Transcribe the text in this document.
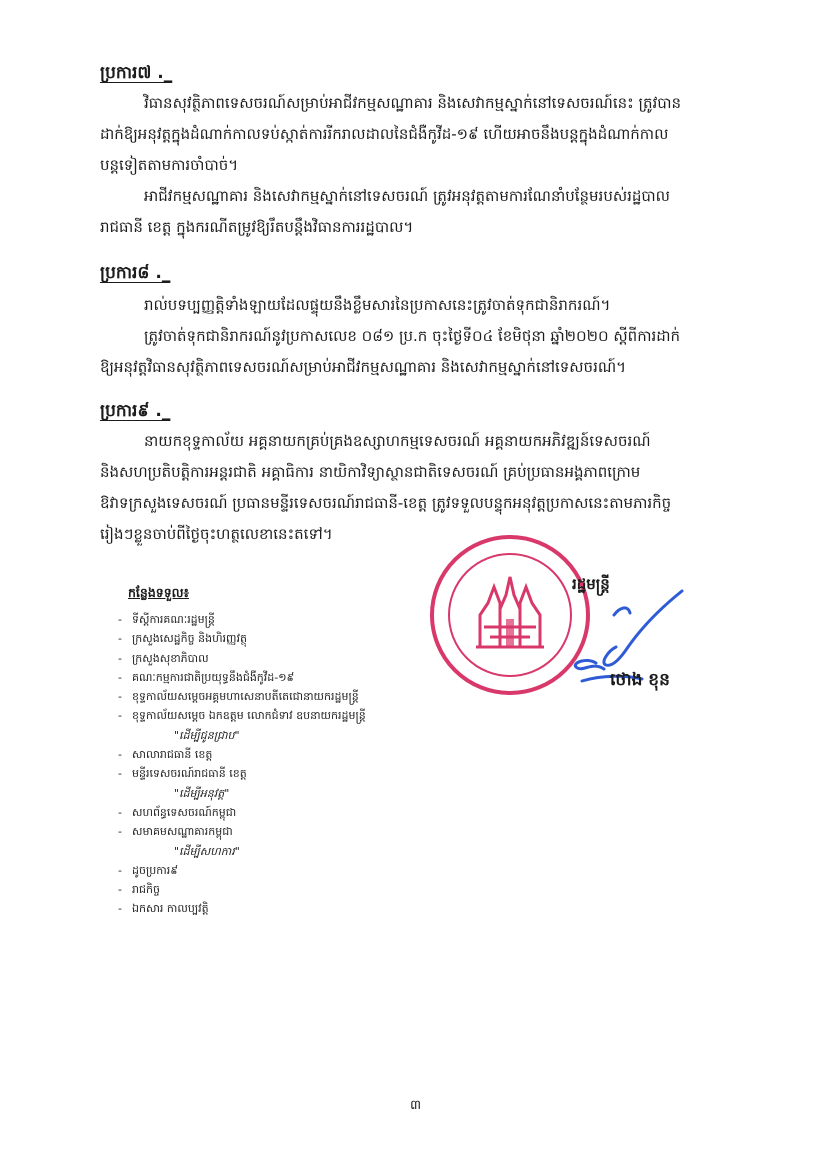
ប្រការ៧ ._

វិធានសុវត្ថិភាពទេសចរណ៍សម្រាប់អាជីវកម្មសណ្ឋាគារ និងសេវាកម្មស្នាក់នៅទេសចរណ៍នេះ ត្រូវបាន
ដាក់ឱ្យអនុវត្តក្នុងដំណាក់កាលទប់ស្កាត់ការរីករាលដាលនៃជំងឺកូវីដ-១៩ ហើយអាចនឹងបន្តក្នុងដំណាក់កាល
បន្តទៀតតាមការចាំបាច់។
អាជីវកម្មសណ្ឋាគារ និងសេវាកម្មស្នាក់នៅទេសចរណ៍ ត្រូវអនុវត្តតាមការណែនាំបន្ថែមរបស់រដ្ឋបាល
រាជធានី ខេត្ត ក្នុងករណីតម្រូវឱ្យរឹតបន្តឹងវិធានការរដ្ឋបាល។

ប្រការ៨ ._

រាល់បទប្បញ្ញត្តិទាំងឡាយដែលផ្ទុយនឹងខ្លឹមសារនៃប្រកាសនេះត្រូវចាត់ទុកជានិរាករណ៍។
ត្រូវចាត់ទុកជានិរាករណ៍នូវប្រកាសលេខ ០៨១ ប្រ.ក ចុះថ្ងៃទី០៤ ខែមិថុនា ឆ្នាំ២០២០ ស្តីពីការដាក់
ឱ្យអនុវត្តវិធានសុវត្ថិភាពទេសចរណ៍សម្រាប់អាជីវកម្មសណ្ឋាគារ និងសេវាកម្មស្នាក់នៅទេសចរណ៍។

ប្រការ៩ ._

នាយកខុទ្ទកាល័យ អគ្គនាយកគ្រប់គ្រងឧស្សាហកម្មទេសចរណ៍ អគ្គនាយកអភិវឌ្ឍន៍ទេសចរណ៍
និងសហប្រតិបត្តិការអន្តរជាតិ អគ្គាធិការ នាយិកាវិទ្យាស្ថានជាតិទេសចរណ៍ គ្រប់ប្រធានអង្គភាពក្រោម
ឱវាទក្រសួងទេសចរណ៍ ប្រធានមន្ទីរទេសចរណ៍រាជធានី-ខេត្ត ត្រូវទទួលបន្ទុកអនុវត្តប្រកាសនេះតាមភារកិច្ច
រៀងៗខ្លួនចាប់ពីថ្ងៃចុះហត្ថលេខានេះតទៅ។

រដ្ឋមន្ត្រី

ថោង ខុន

កន្លែងទទួល៖

- ទីស្តីការគណៈរដ្ឋមន្ត្រី
- ក្រសួងសេដ្ឋកិច្ច និងហិរញ្ញវត្ថុ
- ក្រសួងសុខាភិបាល
- គណៈកម្មការជាតិប្រយុទ្ធនឹងជំងឺកូវីដ-១៩
- ខុទ្ទកាល័យសម្តេចអគ្គមហាសេនាបតីតេជោនាយករដ្ឋមន្ត្រី
- ខុទ្ទកាល័យសម្តេច ឯកឧត្តម លោកជំទាវ ឧបនាយករដ្ឋមន្ត្រី
"ដើម្បីជូនជ្រាប"
- សាលារាជធានី ខេត្ត
- មន្ទីរទេសចរណ៍រាជធានី ខេត្ត
"ដើម្បីអនុវត្ត"
- សហព័ន្ធទេសចរណ៍កម្ពុជា
- សមាគមសណ្ឋាគារកម្ពុជា
"ដើម្បីសហការ"
- ដូចប្រការ៩
- រាជកិច្ច
- ឯកសារ កាលប្បវត្តិ

៣
